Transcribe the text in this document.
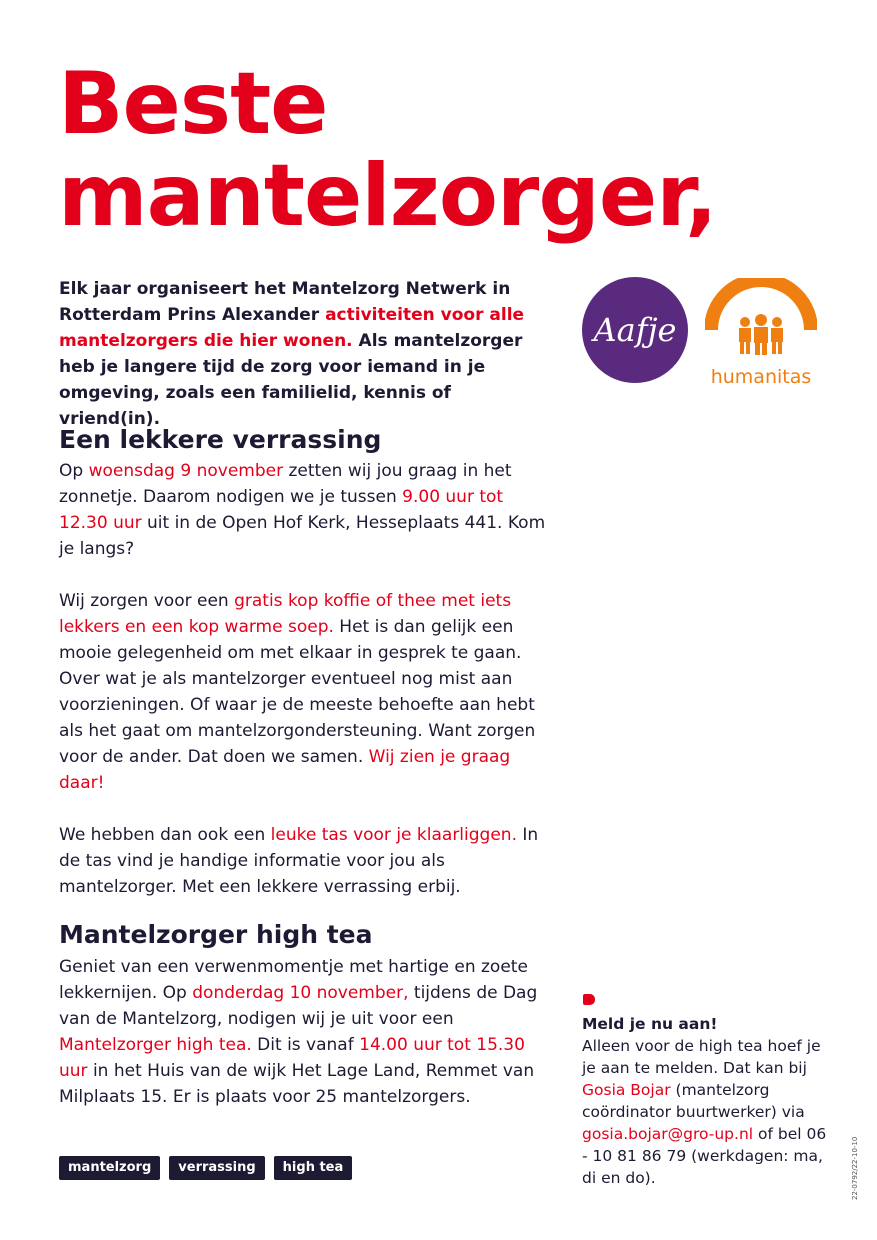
Beste
mantelzorger,

Elk jaar organiseert het Mantelzorg Netwerk in Rotterdam Prins Alexander activiteiten voor alle mantelzorgers die hier wonen. Als mantelzorger heb je langere tijd de zorg voor iemand in je omgeving, zoals een familielid, kennis of vriend(in).

Aafje
humanitas
Een lekkere verrassing

Op woensdag 9 november zetten wij jou graag in het zonnetje. Daarom nodigen we je tussen 9.00 uur tot 12.30 uur uit in de Open Hof Kerk, Hesseplaats 441. Kom je langs?

Wij zorgen voor een gratis kop koffie of thee met iets lekkers en een kop warme soep. Het is dan gelijk een mooie gelegenheid om met elkaar in gesprek te gaan. Over wat je als mantelzorger eventueel nog mist aan voorzieningen. Of waar je de meeste behoefte aan hebt als het gaat om mantelzorgondersteuning. Want zorgen voor de ander. Dat doen we samen. Wij zien je graag daar!

We hebben dan ook een leuke tas voor je klaarliggen. In de tas vind je handige informatie voor jou als mantelzorger. Met een lekkere verrassing erbij.

Mantelzorger high tea

Geniet van een verwenmomentje met hartige en zoete lekkernijen. Op donderdag 10 november, tijdens de Dag van de Mantelzorg, nodigen wij je uit voor een Mantelzorger high tea. Dit is vanaf 14.00 uur tot 15.30 uur in het Huis van de wijk Het Lage Land, Remmet van Milplaats 15. Er is plaats voor 25 mantelzorgers.

Meld je nu aan!
Alleen voor de high tea hoef je je aan te melden. Dat kan bij Gosia Bojar (mantelzorg coördinator buurtwerker) via gosia.bojar@gro-up.nl of bel 06 - 10 81 86 79 (werkdagen: ma, di en do).

mantelzorg	verrassing	high tea	22-0792/22-10-10
